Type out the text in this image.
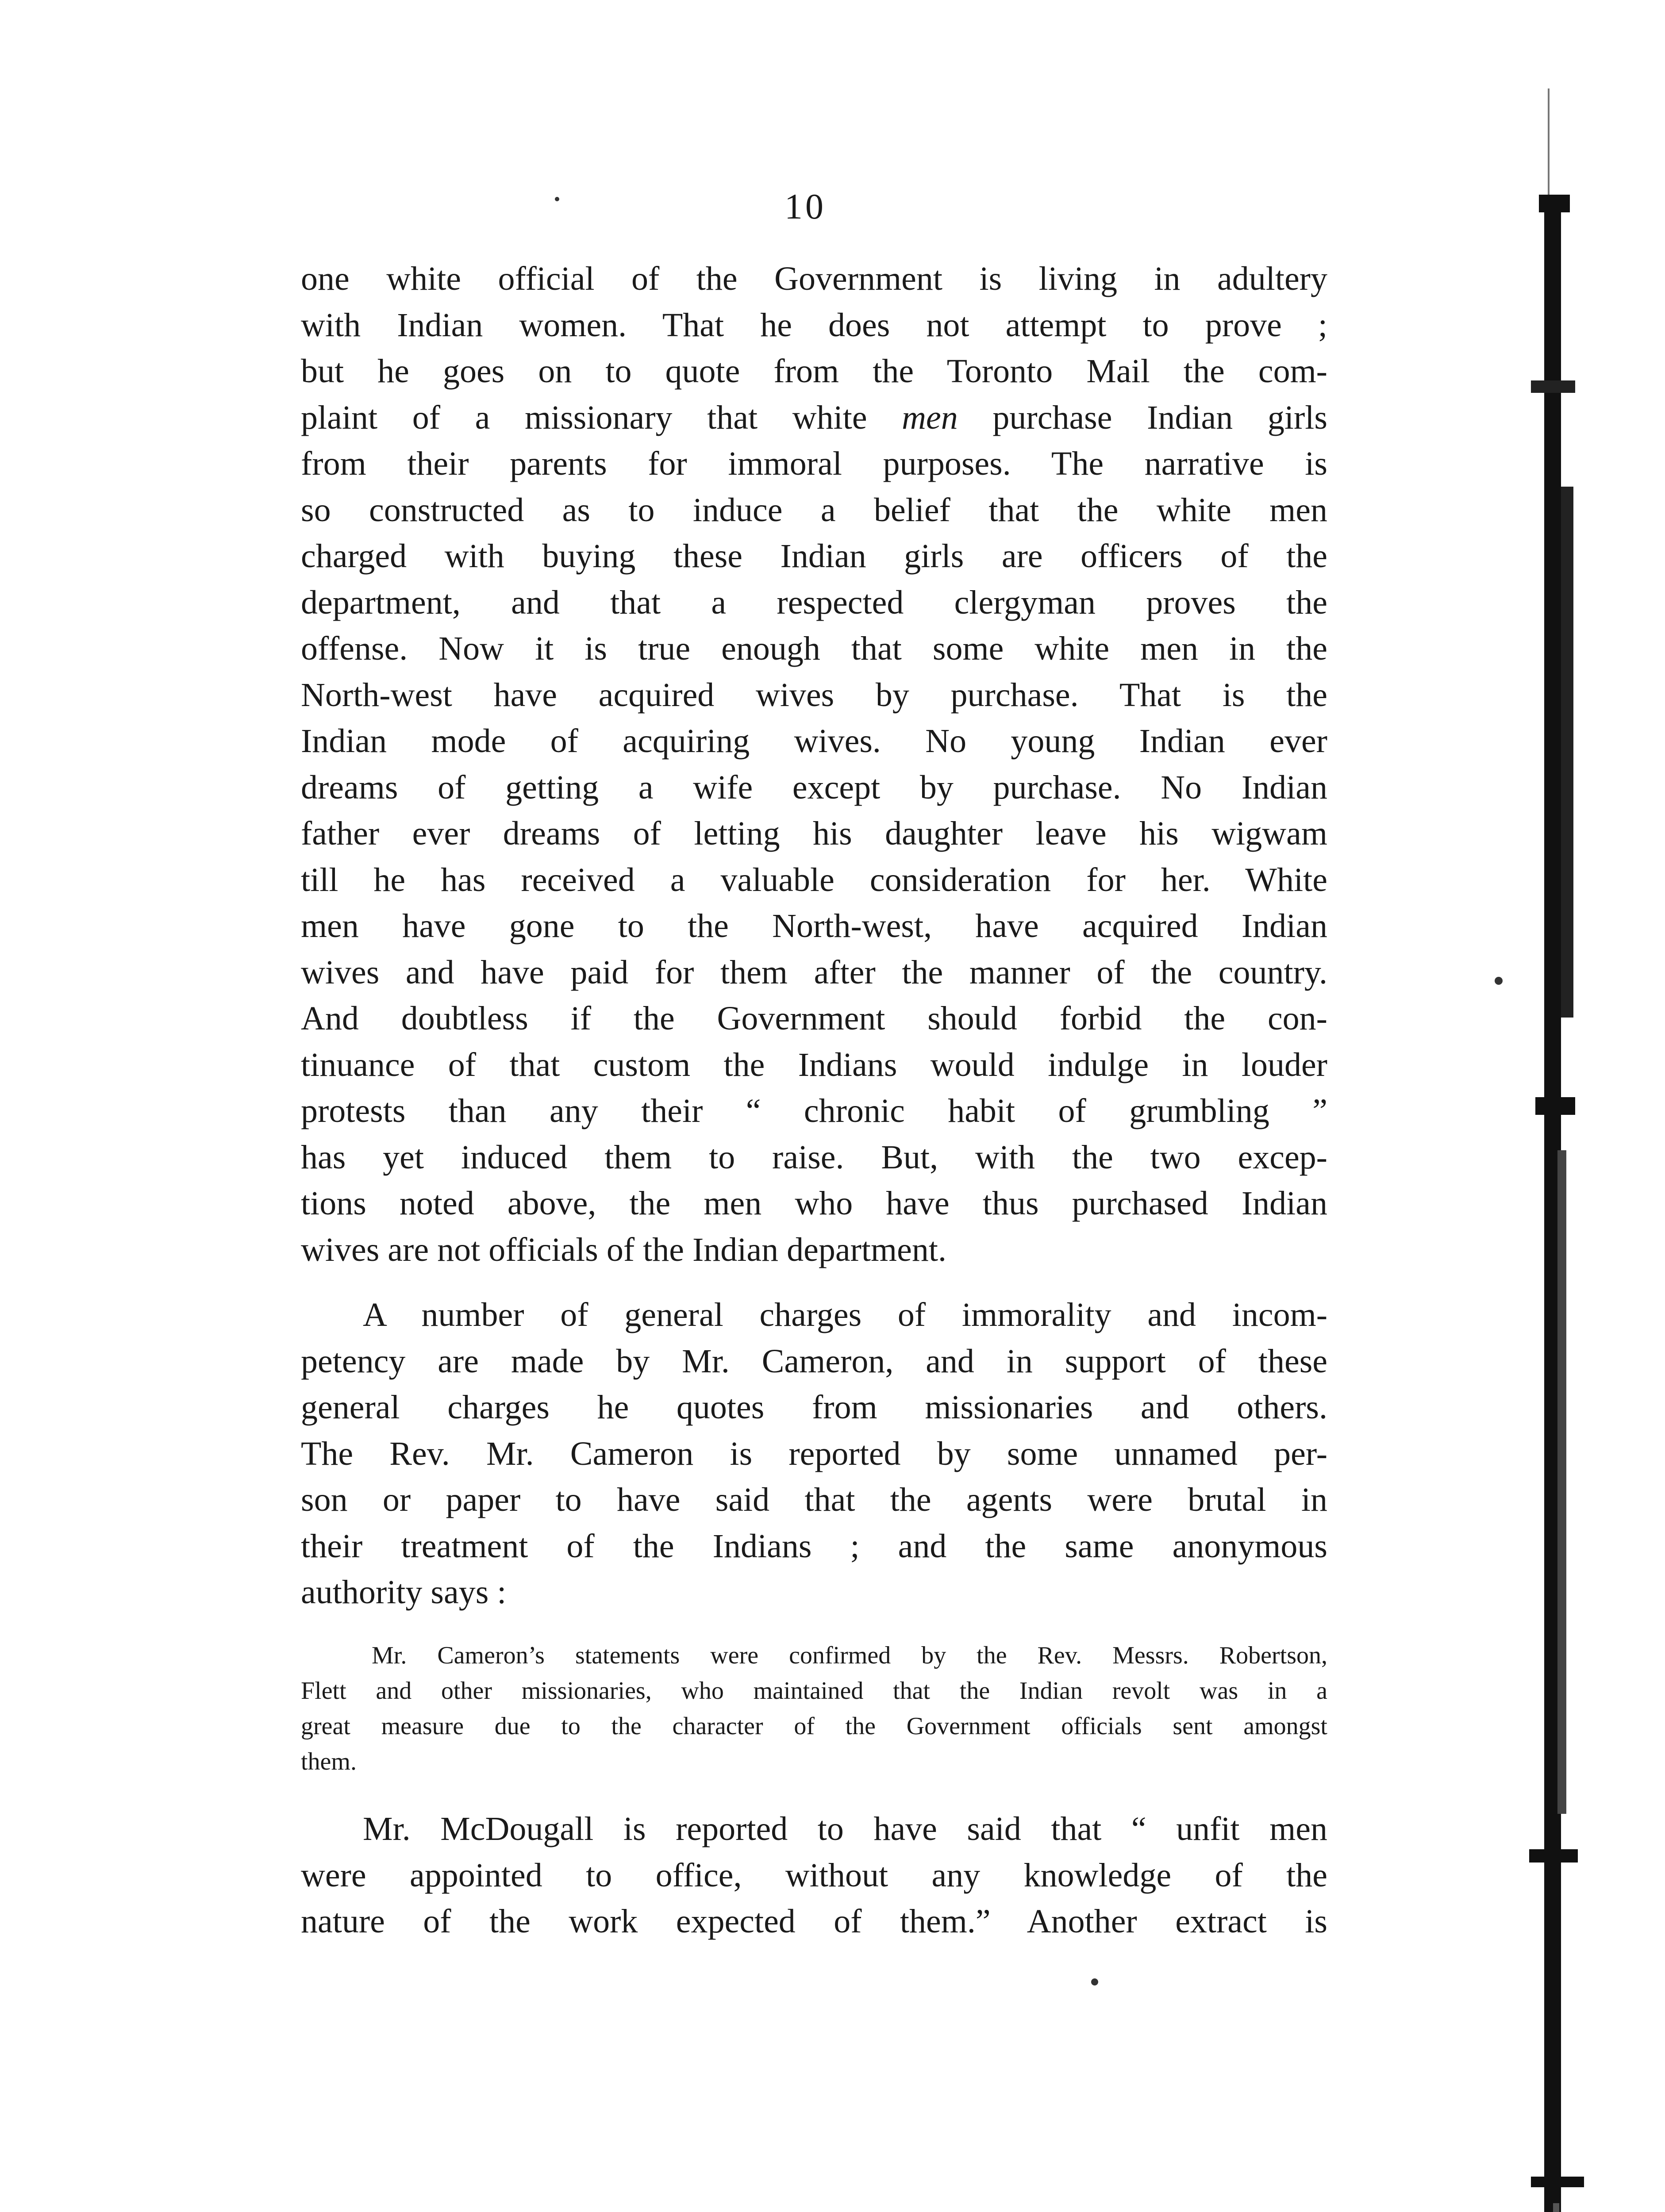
10
one white official of the Government is living in adultery
with Indian women. That he does not attempt to prove ;
but he goes on to quote from the Toronto Mail the com-
plaint of a missionary that white men purchase Indian girls
from their parents for immoral purposes. The narrative is
so constructed as to induce a belief that the white men
charged with buying these Indian girls are officers of the
department, and that a respected clergyman proves the
offense. Now it is true enough that some white men in the
North-west have acquired wives by purchase. That is the
Indian mode of acquiring wives. No young Indian ever
dreams of getting a wife except by purchase. No Indian
father ever dreams of letting his daughter leave his wigwam
till he has received a valuable consideration for her. White
men have gone to the North-west, have acquired Indian
wives and have paid for them after the manner of the country.
And doubtless if the Government should forbid the con-
tinuance of that custom the Indians would indulge in louder
protests than any their “ chronic habit of grumbling ”
has yet induced them to raise. But, with the two excep-
tions noted above, the men who have thus purchased Indian
wives are not officials of the Indian department.
A number of general charges of immorality and incom-
petency are made by Mr. Cameron, and in support of these
general charges he quotes from missionaries and others.
The Rev. Mr. Cameron is reported by some unnamed per-
son or paper to have said that the agents were brutal in
their treatment of the Indians ; and the same anonymous
authority says :
Mr. Cameron’s statements were confirmed by the Rev. Messrs. Robertson,
Flett and other missionaries, who maintained that the Indian revolt was in a
great measure due to the character of the Government officials sent amongst
them.
Mr. McDougall is reported to have said that “ unfit men
were appointed to office, without any knowledge of the
nature of the work expected of them.” Another extract is
